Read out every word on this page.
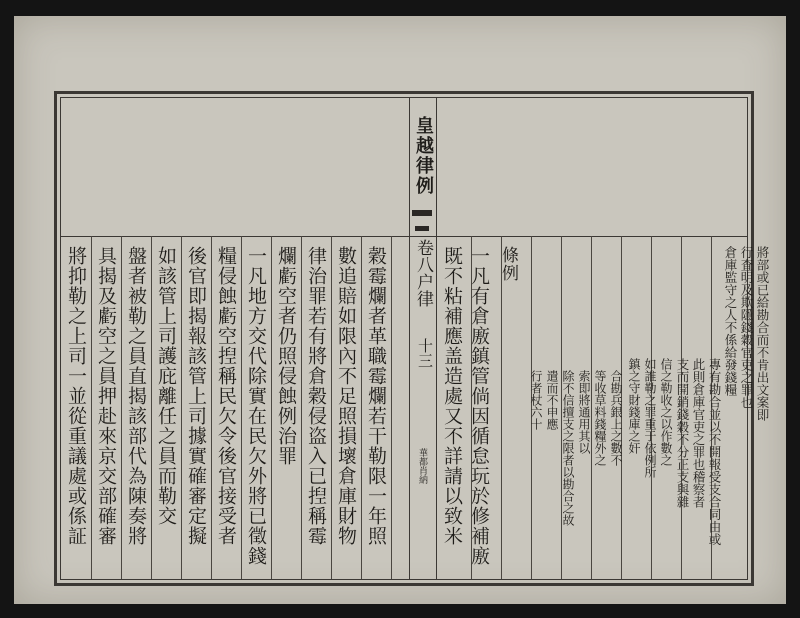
將抑勒之上司一並從重議處或係証 具揭及虧空之員押赴來京交部確審 盤者被勒之員直揭該部代為陳奏將 如該管上司護庇離任之員而勒交 後官即揭報該管上司據實確審定擬 糧侵蝕虧空揑稱民欠令後官接受者 一凡地方交代除實在民欠外將已徵錢 爛虧空者仍照侵蝕例治罪 律治罪若有將倉穀侵盗入已揑稱霉 數追賠如限內不足照損壞倉庫財物 穀霉爛者革職霉爛若干勒限一年照
皇越律例
卷八户律
十三
華都肖納 既不粘補應盖造處又不詳請以致米 一凡有倉廒鎮管倘因循怠玩於修補廒 條例
行者杖六十 遣而不申應 除不信擅支之限者以勘合之故 索即將通用其以 等收草料錢糧外之 合勘兵銀上之數不 鎮之守財錢庫之奸 如誰勒之罪重于依例所 信之勒收之以作數之 支而開銷錢穀不分正支與雜 此則倉庫官吏之罪也稽察者 專有勘合並以不開報受支合同由或
倉庫監守之人不係給發錢糧 行査明及欺隱錢穀官吏之罪也 將部或已給勘合而不肯出文案即
